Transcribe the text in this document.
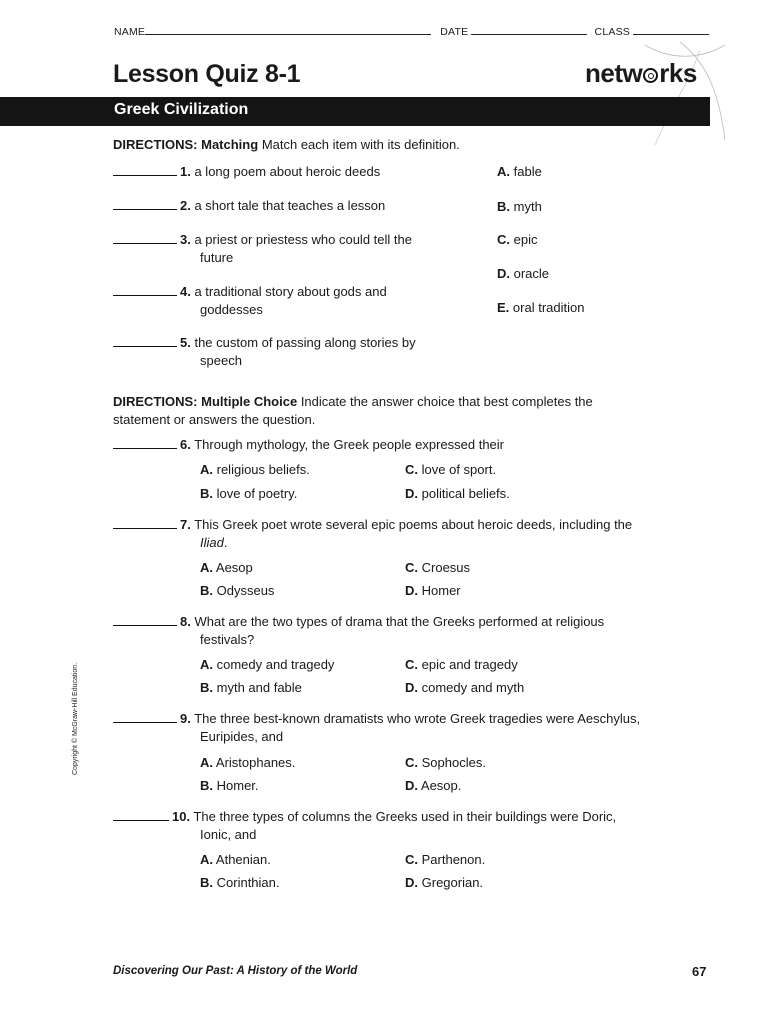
NAME	DATE	CLASS
Lesson Quiz 8-1	netw rks
Greek Civilization
DIRECTIONS: Matching Match each item with its definition.
1. a long poem about heroic deeds
2. a short tale that teaches a lesson
3. a priest or priestess who could tell the
future
4. a traditional story about gods and
goddesses
5. the custom of passing along stories by
speech
A. fable
B. myth
C. epic
D. oracle
E. oral tradition
DIRECTIONS: Multiple Choice Indicate the answer choice that best completes the
statement or answers the question.
6. Through mythology, the Greek people expressed their
A. religious beliefs.	C. love of sport.
B. love of poetry.	D. political beliefs.
7. This Greek poet wrote several epic poems about heroic deeds, including the
Iliad.
A. Aesop	C. Croesus
B. Odysseus	D. Homer
8. What are the two types of drama that the Greeks performed at religious
festivals?
A. comedy and tragedy	C. epic and tragedy
B. myth and fable	D. comedy and myth
9. The three best-known dramatists who wrote Greek tragedies were Aeschylus,
Euripides, and
A. Aristophanes.	C. Sophocles.
B. Homer.	D. Aesop.
10. The three types of columns the Greeks used in their buildings were Doric,
Ionic, and
A. Athenian.	C. Parthenon.
B. Corinthian.	D. Gregorian.
Copyright © McGraw-Hill Education.
Discovering Our Past: A History of the World	67
